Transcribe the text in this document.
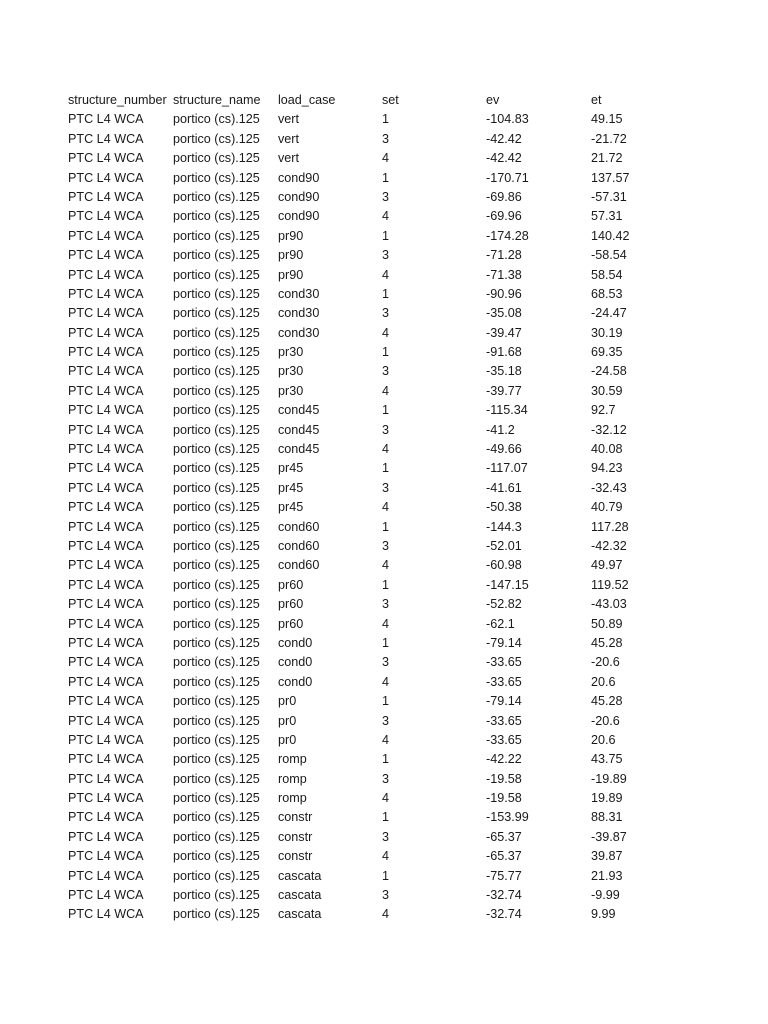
structure_number structure_name	load_case	set	ev	et
PTC L4 WCA	portico (cs).125	vert	1	-104.83	49.15
PTC L4 WCA	portico (cs).125	vert	3	-42.42	-21.72
PTC L4 WCA	portico (cs).125	vert	4	-42.42	21.72
PTC L4 WCA	portico (cs).125	cond90	1	-170.71	137.57
PTC L4 WCA	portico (cs).125	cond90	3	-69.86	-57.31
PTC L4 WCA	portico (cs).125	cond90	4	-69.96	57.31
PTC L4 WCA	portico (cs).125	pr90	1	-174.28	140.42
PTC L4 WCA	portico (cs).125	pr90	3	-71.28	-58.54
PTC L4 WCA	portico (cs).125	pr90	4	-71.38	58.54
PTC L4 WCA	portico (cs).125	cond30	1	-90.96	68.53
PTC L4 WCA	portico (cs).125	cond30	3	-35.08	-24.47
PTC L4 WCA	portico (cs).125	cond30	4	-39.47	30.19
PTC L4 WCA	portico (cs).125	pr30	1	-91.68	69.35
PTC L4 WCA	portico (cs).125	pr30	3	-35.18	-24.58
PTC L4 WCA	portico (cs).125	pr30	4	-39.77	30.59
PTC L4 WCA	portico (cs).125	cond45	1	-115.34	92.7
PTC L4 WCA	portico (cs).125	cond45	3	-41.2	-32.12
PTC L4 WCA	portico (cs).125	cond45	4	-49.66	40.08
PTC L4 WCA	portico (cs).125	pr45	1	-117.07	94.23
PTC L4 WCA	portico (cs).125	pr45	3	-41.61	-32.43
PTC L4 WCA	portico (cs).125	pr45	4	-50.38	40.79
PTC L4 WCA	portico (cs).125	cond60	1	-144.3	117.28
PTC L4 WCA	portico (cs).125	cond60	3	-52.01	-42.32
PTC L4 WCA	portico (cs).125	cond60	4	-60.98	49.97
PTC L4 WCA	portico (cs).125	pr60	1	-147.15	119.52
PTC L4 WCA	portico (cs).125	pr60	3	-52.82	-43.03
PTC L4 WCA	portico (cs).125	pr60	4	-62.1	50.89
PTC L4 WCA	portico (cs).125	cond0	1	-79.14	45.28
PTC L4 WCA	portico (cs).125	cond0	3	-33.65	-20.6
PTC L4 WCA	portico (cs).125	cond0	4	-33.65	20.6
PTC L4 WCA	portico (cs).125	pr0	1	-79.14	45.28
PTC L4 WCA	portico (cs).125	pr0	3	-33.65	-20.6
PTC L4 WCA	portico (cs).125	pr0	4	-33.65	20.6
PTC L4 WCA	portico (cs).125	romp	1	-42.22	43.75
PTC L4 WCA	portico (cs).125	romp	3	-19.58	-19.89
PTC L4 WCA	portico (cs).125	romp	4	-19.58	19.89
PTC L4 WCA	portico (cs).125	constr	1	-153.99	88.31
PTC L4 WCA	portico (cs).125	constr	3	-65.37	-39.87
PTC L4 WCA	portico (cs).125	constr	4	-65.37	39.87
PTC L4 WCA	portico (cs).125	cascata	1	-75.77	21.93
PTC L4 WCA	portico (cs).125	cascata	3	-32.74	-9.99
PTC L4 WCA	portico (cs).125	cascata	4	-32.74	9.99
